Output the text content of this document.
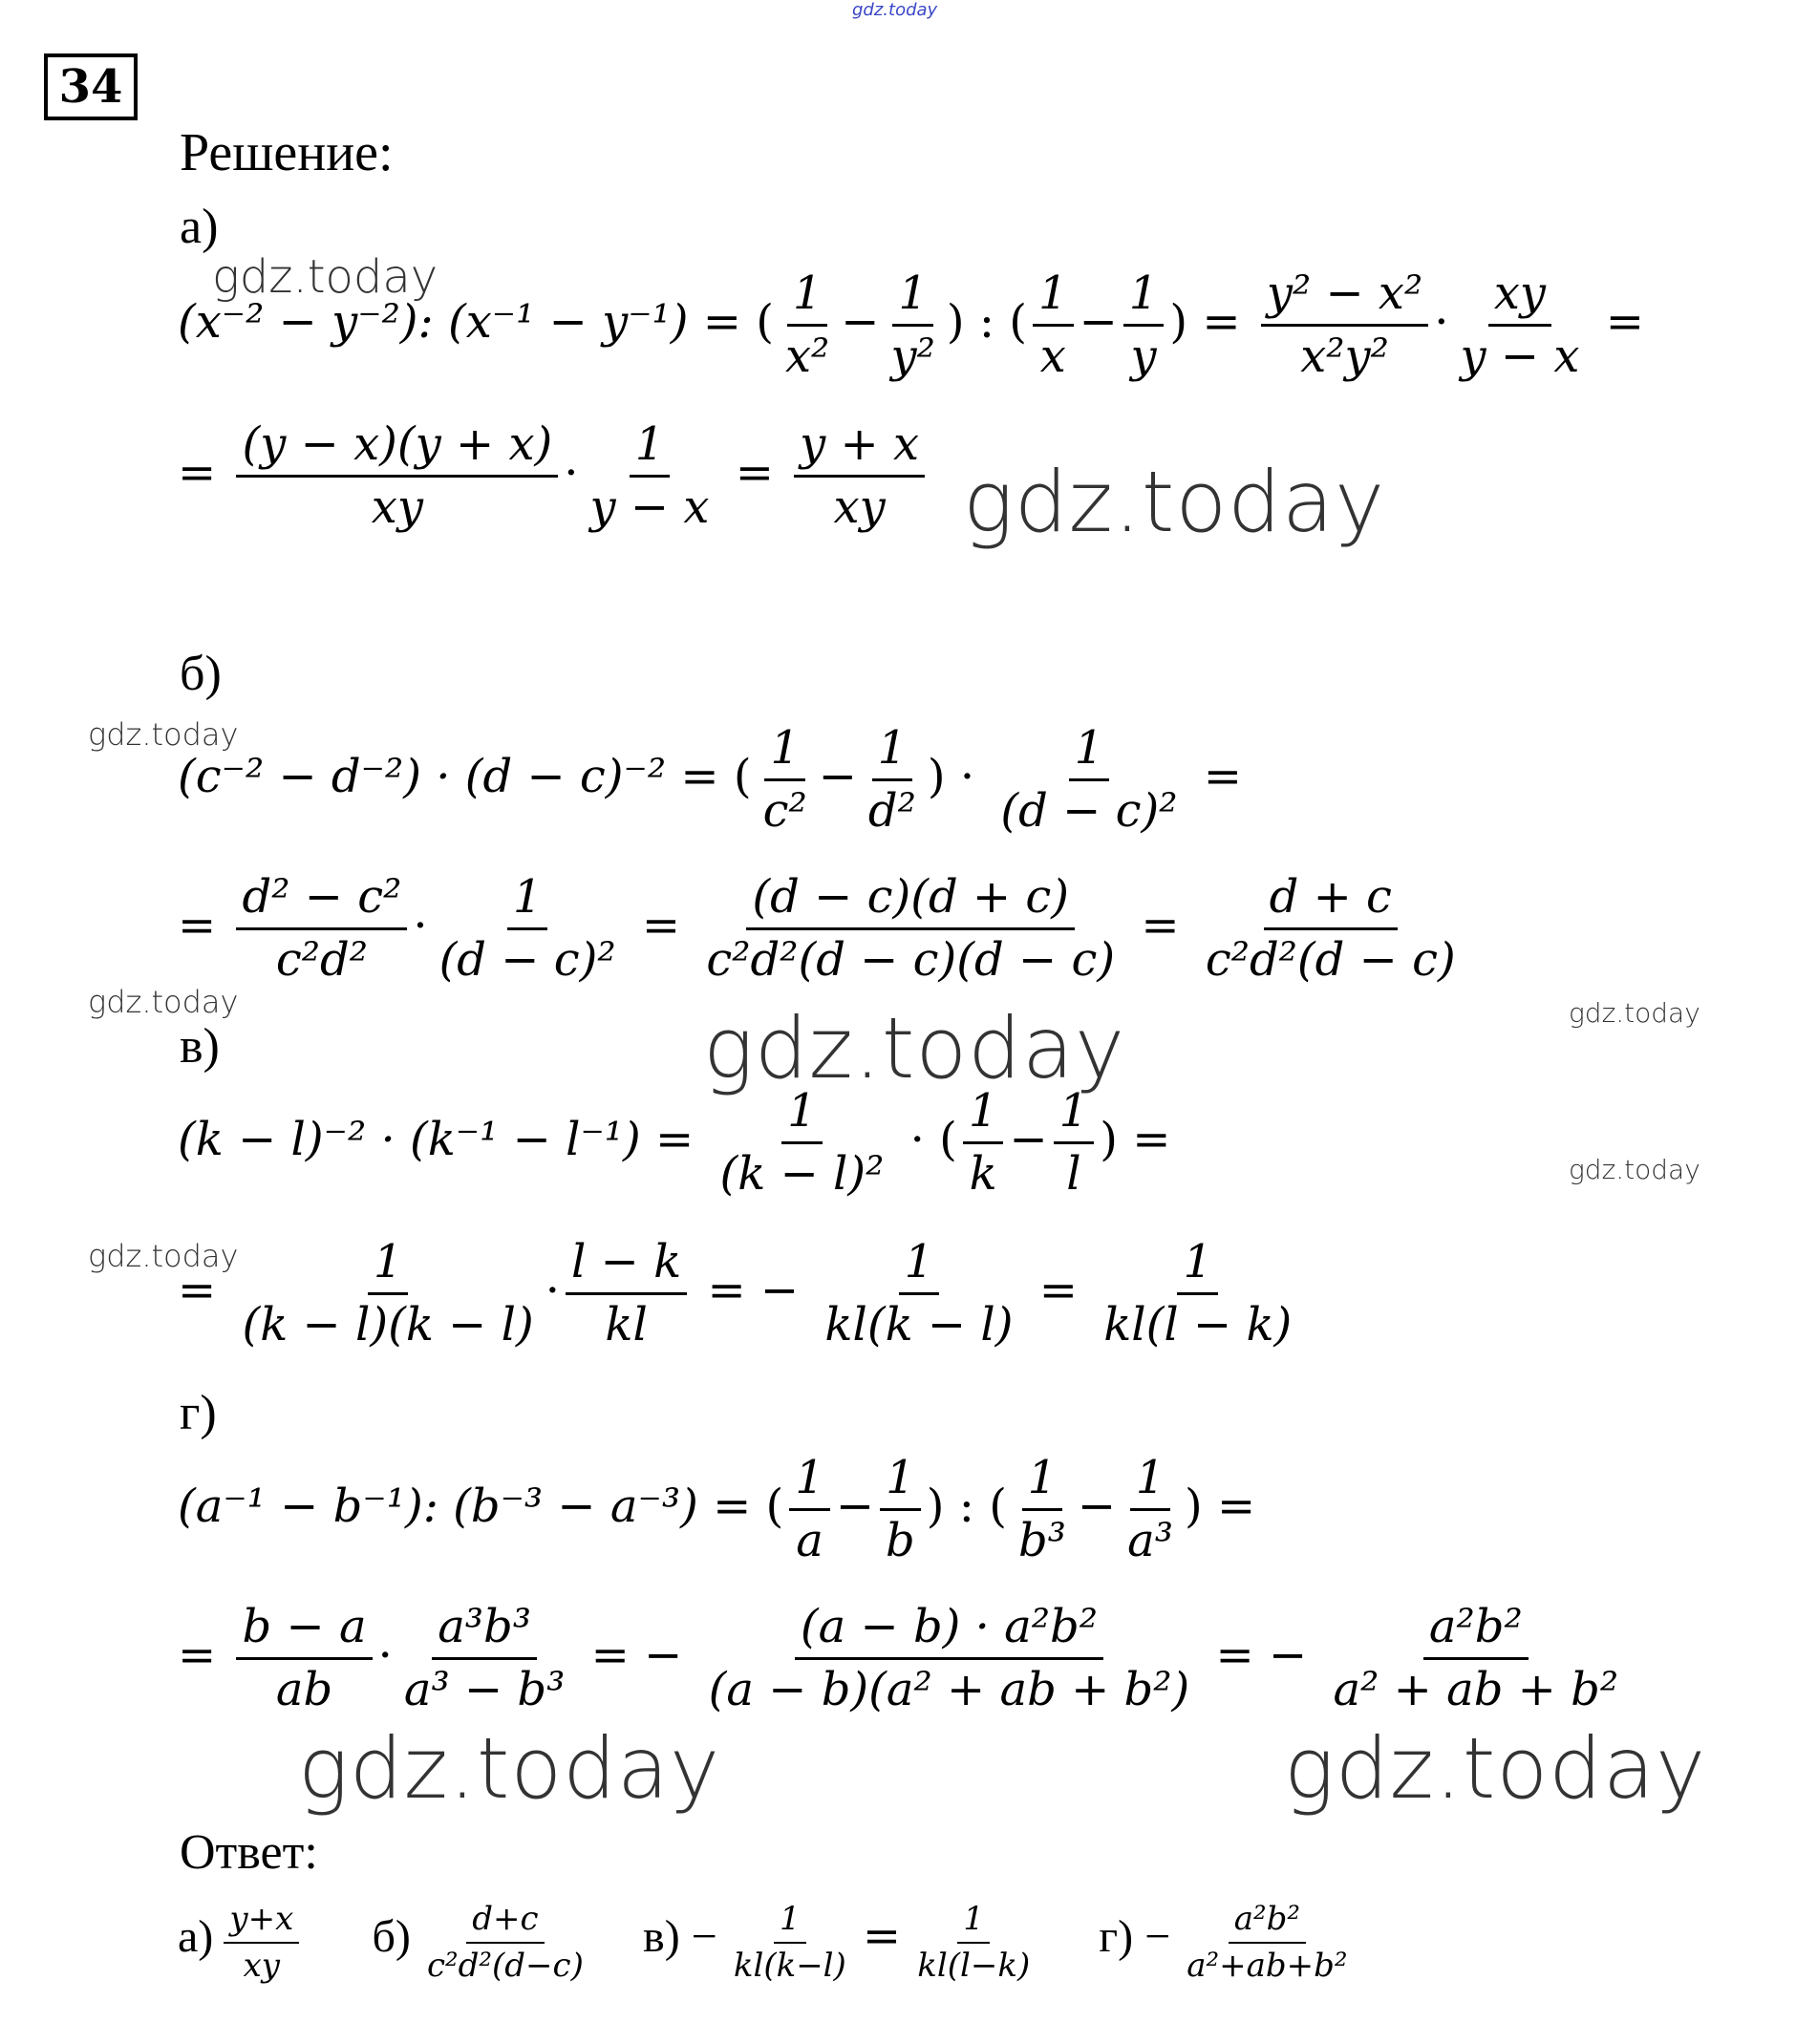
gdz.today
34
Решение:
а)
gdz.today
(x⁻² − y⁻²): (x⁻¹ − y⁻¹) = ( $\frac{1}{\text{x²}} - \frac{1}{\text{y²}}$ ) : ( $\frac{1}{x} - \frac{1}{y}$ ) = $\frac{\text{y² − x²}}{\text{x²y²}} \cdot \frac{xy}{y - x}$ =
= $\frac{(y - x)(y + x)}{xy} \cdot \frac{1}{y - x} = \frac{y + x}{xy}$ gdz.today
б)
gdz.today
(c⁻² − d⁻²) · (d − c)⁻² = ( $\frac{1}{\text{c²}} - \frac{1}{\text{d²}}$ ) · $\frac{1}{\text{(d − c)²}}$ =
= $\frac{\text{d² − c²}}{\text{c²d²}} \cdot \frac{1}{\text{(d − c)²}} = \frac{(d - c)(d + c)}{\text{c²d²(d − c)(d − c)}} = \frac{d + c}{\text{c²d²(d − c)}}$
gdz.today	gdz.today
в)	gdz.today
$(k - l)^{-2} \cdot (k^{-1} - l^{-1}) = \frac{1}{\text{(k − l)²}}$ · ( $\frac{1}{k} - \frac{1}{l}$ ) =
gdz.today
gdz.today
= $\frac{1}{(k - l)(k - l)} \cdot \frac{l - k}{kl}$ = − $\frac{1}{kl(k - l)} = \frac{1}{kl(l - k)}$
г)
(a⁻¹ − b⁻¹): (b⁻³ − a⁻³) = ( $\frac{1}{a} - \frac{1}{b}$ ) : ( $\frac{1}{\text{b³}} - \frac{1}{\text{a³}}$ ) =
= $\frac{b - a}{ab} \cdot \frac{\text{a³b³}}{\text{a³ − b³}}$ = − $\frac{\text{(a − b) · a²b²}}{\text{(a − b)(a² + ab + b²)}}$ = − $\frac{\text{a²b²}}{\text{a² + ab + b²}}$
gdz.today	gdz.today
Ответ:
$а) \frac{y+x}{xy} б) \frac{d+c}{\text{c²d²(d−c)}} в) - \frac{1}{kl(k-l)} = \frac{1}{kl(l-k)} г) - \frac{\text{a²b²}}{\text{a²+ab+b²}}$
